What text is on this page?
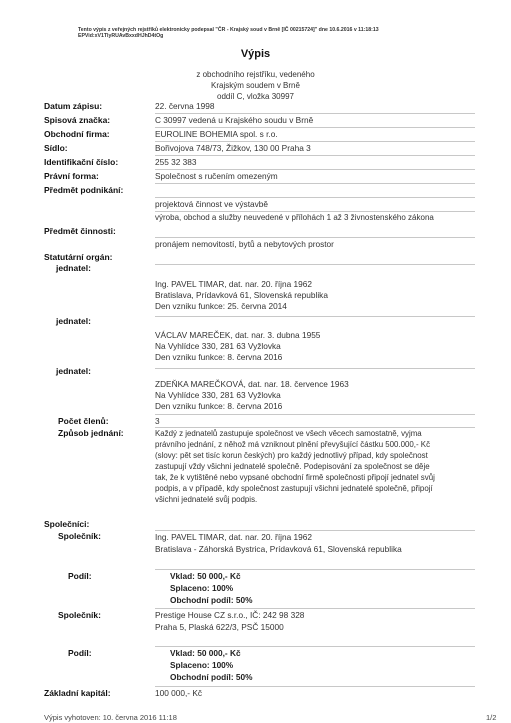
Tento výpis z veřejných rejstříků elektronicky podepsal "ČR - Krajský soud v Brně [IČ 00215724]" dne 10.6.2016 v 11:18:13
EPVid:xV1TlyRUAvBxxdHJhD4tOg
Výpis
z obchodního rejstříku, vedeného
Krajským soudem v Brně
oddíl C, vložka 30997
Datum zápisu:	22. června 1998
Spisová značka:	C 30997 vedená u Krajského soudu v Brně
Obchodní firma:	EUROLINE BOHEMIA spol. s r.o.
Sídlo:	Bořivojova 748/73, Žižkov, 130 00 Praha 3
Identifikační číslo:	255 32 383
Právní forma:	Společnost s ručením omezeným
Předmět podnikání:
projektová činnost ve výstavbě
výroba, obchod a služby neuvedené v přílohách 1 až 3 živnostenského zákona
Předmět činnosti:
pronájem nemovitostí, bytů a nebytových prostor
Statutární orgán:
jednatel:
Ing. PAVEL TIMAR, dat. nar. 20. října 1962
Bratislava, Prídavková 61, Slovenská republika
Den vzniku funkce: 25. června 2014
jednatel:
VÁCLAV MAREČEK, dat. nar. 3. dubna 1955
Na Vyhlídce 330, 281 63 Vyžlovka
Den vzniku funkce: 8. června 2016
jednatel:
ZDEŇKA MAREČKOVÁ, dat. nar. 18. července 1963
Na Vyhlídce 330, 281 63 Vyžlovka
Den vzniku funkce: 8. června 2016
Počet členů:	3
Způsob jednání:	Každý z jednatelů zastupuje společnost ve všech věcech samostatně, vyjma
právního jednání, z něhož má vzniknout plnění převyšující částku 500.000,- Kč
(slovy: pět set tisíc korun českých) pro každý jednotlivý případ, kdy společnost
zastupují vždy všichni jednatelé společně. Podepisování za společnost se děje
tak, že k vytištěné nebo vypsané obchodní firmě společnosti připojí jednatel svůj
podpis, a v případě, kdy společnost zastupují všichni jednatelé společně, připojí
všichni jednatelé svůj podpis.
Společníci:
Společník:	Ing. PAVEL TIMAR, dat. nar. 20. října 1962
Bratislava - Záhorská Bystrica, Prídavková 61, Slovenská republika
Podíl:	Vklad: 50 000,- Kč
Splaceno: 100%
Obchodní podíl: 50%
Společník:	Prestige House CZ s.r.o., IČ: 242 98 328
Praha 5, Plaská 622/3, PSČ 15000
Podíl:	Vklad: 50 000,- Kč
Splaceno: 100%
Obchodní podíl: 50%
Základní kapitál:	100 000,- Kč
Výpis vyhotoven: 10. června 2016 11:18	1/2
